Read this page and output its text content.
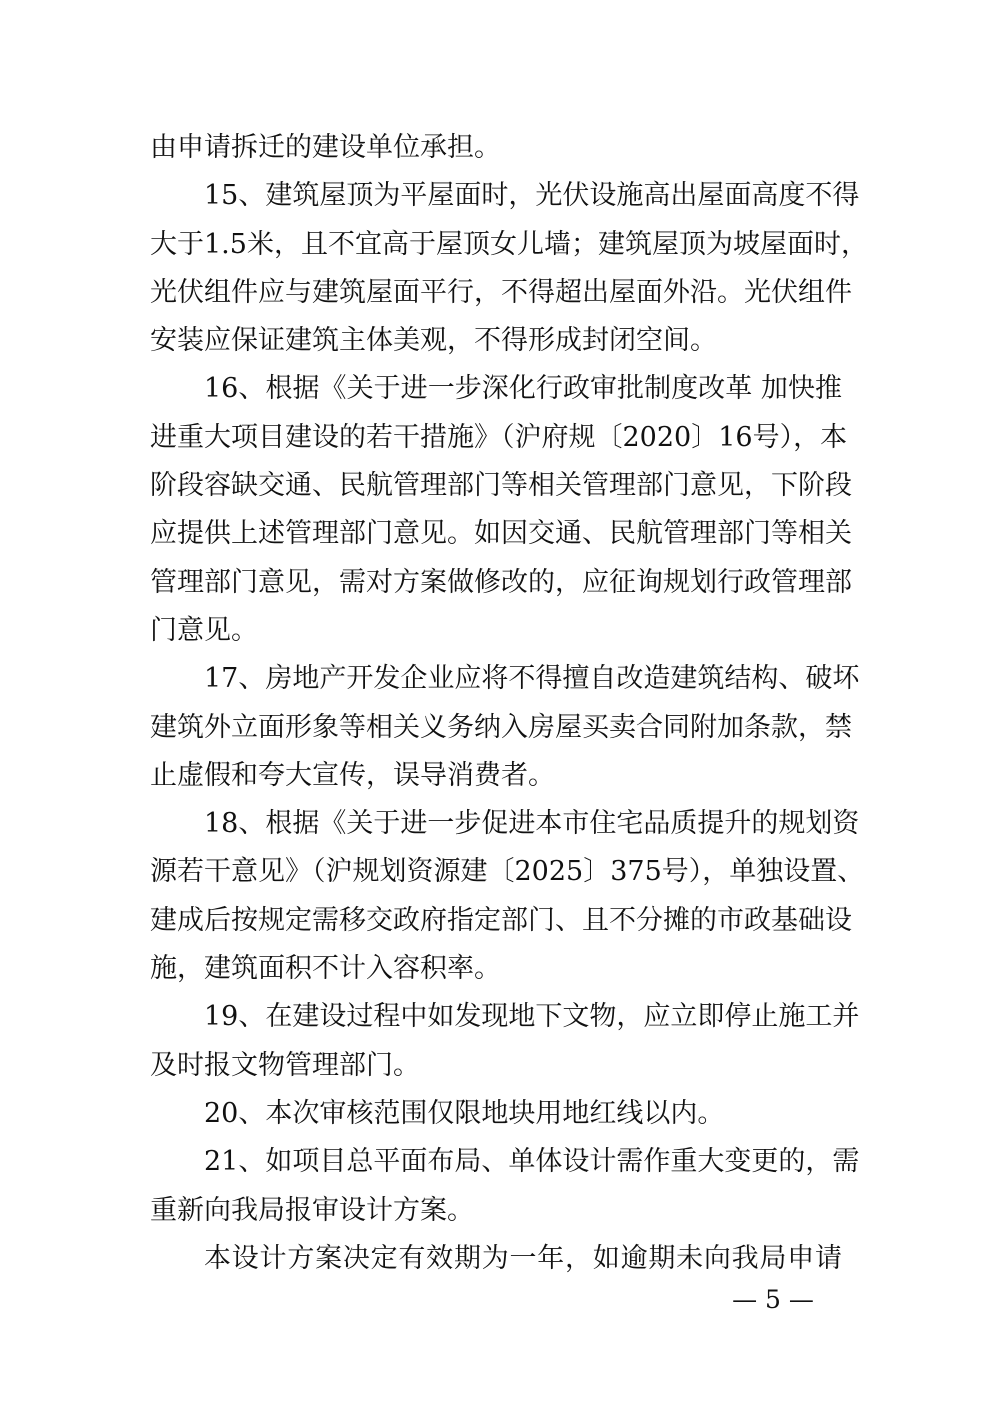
由申请拆迁的建设单位承担。
15、建筑屋顶为平屋面时，光伏设施高出屋面高度不得
大于1.5米，且不宜高于屋顶女儿墙；建筑屋顶为坡屋面时，
光伏组件应与建筑屋面平行，不得超出屋面外沿。光伏组件
安装应保证建筑主体美观，不得形成封闭空间。
16、根据《关于进一步深化行政审批制度改革 加快推
进重大项目建设的若干措施》（沪府规〔2020〕16号），本
阶段容缺交通、民航管理部门等相关管理部门意见，下阶段
应提供上述管理部门意见。如因交通、民航管理部门等相关
管理部门意见，需对方案做修改的，应征询规划行政管理部
门意见。
17、房地产开发企业应将不得擅自改造建筑结构、破坏
建筑外立面形象等相关义务纳入房屋买卖合同附加条款，禁
止虚假和夸大宣传，误导消费者。
18、根据《关于进一步促进本市住宅品质提升的规划资
源若干意见》（沪规划资源建〔2025〕375号），单独设置、
建成后按规定需移交政府指定部门、且不分摊的市政基础设
施，建筑面积不计入容积率。
19、在建设过程中如发现地下文物，应立即停止施工并
及时报文物管理部门。
20、本次审核范围仅限地块用地红线以内。
21、如项目总平面布局、单体设计需作重大变更的，需
重新向我局报审设计方案。
本设计方案决定有效期为一年，如逾期未向我局申请
— 5 —
